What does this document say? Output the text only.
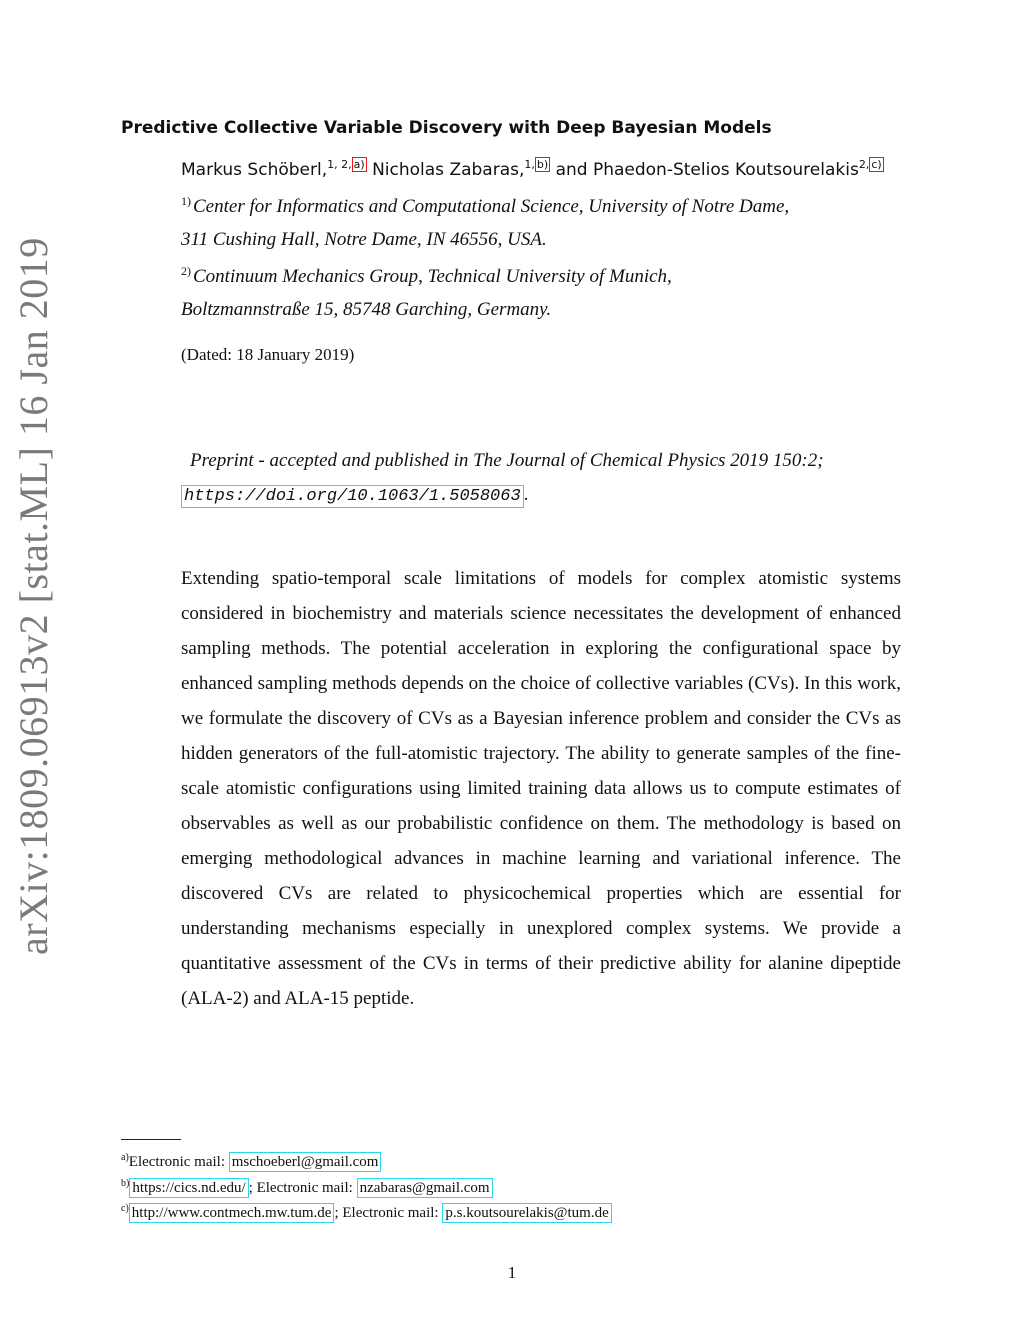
arXiv:1809.06913v2 [stat.ML] 16 Jan 2019
Predictive Collective Variable Discovery with Deep Bayesian Models
Markus Schöberl,$^{1, 2,}$ $^{a)}$ Nicholas Zabaras,$^{1,}$ $^{b)}$ and Phaedon-Stelios Koutsourelakis$^{2,}$ $^{c)}$
$^{1)}$ Center for Informatics and Computational Science, University of Notre Dame,
311 Cushing Hall, Notre Dame, IN 46556, USA.
$^{2)}$ Continuum Mechanics Group, Technical University of Munich,
Boltzmannstraße 15, 85748 Garching, Germany.
(Dated: 18 January 2019)
Preprint - accepted and published in The Journal of Chemical Physics 2019 150:2;
https://doi.org/10.1063/1.5058063 .

Extending spatio-temporal scale limitations of models for complex atomistic systems considered in biochemistry and materials science necessitates the development of enhanced sampling methods. The potential acceleration in exploring the configurational space by enhanced sampling methods depends on the choice of collective variables (CVs). In this work, we formulate the discovery of CVs as a Bayesian inference problem and consider the CVs as hidden generators of the full-atomistic trajectory. The ability to generate samples of the fine-scale atomistic configurations using limited training data allows us to compute estimates of observables as well as our probabilistic confidence on them. The methodology is based on emerging methodological advances in machine learning and variational inference. The discovered CVs are related to physicochemical properties which are essential for understanding mechanisms especially in unexplored complex systems. We provide a quantitative assessment of the CVs in terms of their predictive ability for alanine dipeptide (ALA-2) and ALA-15 peptide.

$^{a)}$Electronic mail: mschoeberl@gmail.com
$^{b)}$ https://cics.nd.edu/ ; Electronic mail: nzabaras@gmail.com
$^{c)}$ http://www.contmech.mw.tum.de ; Electronic mail: p.s.koutsourelakis@tum.de
1
